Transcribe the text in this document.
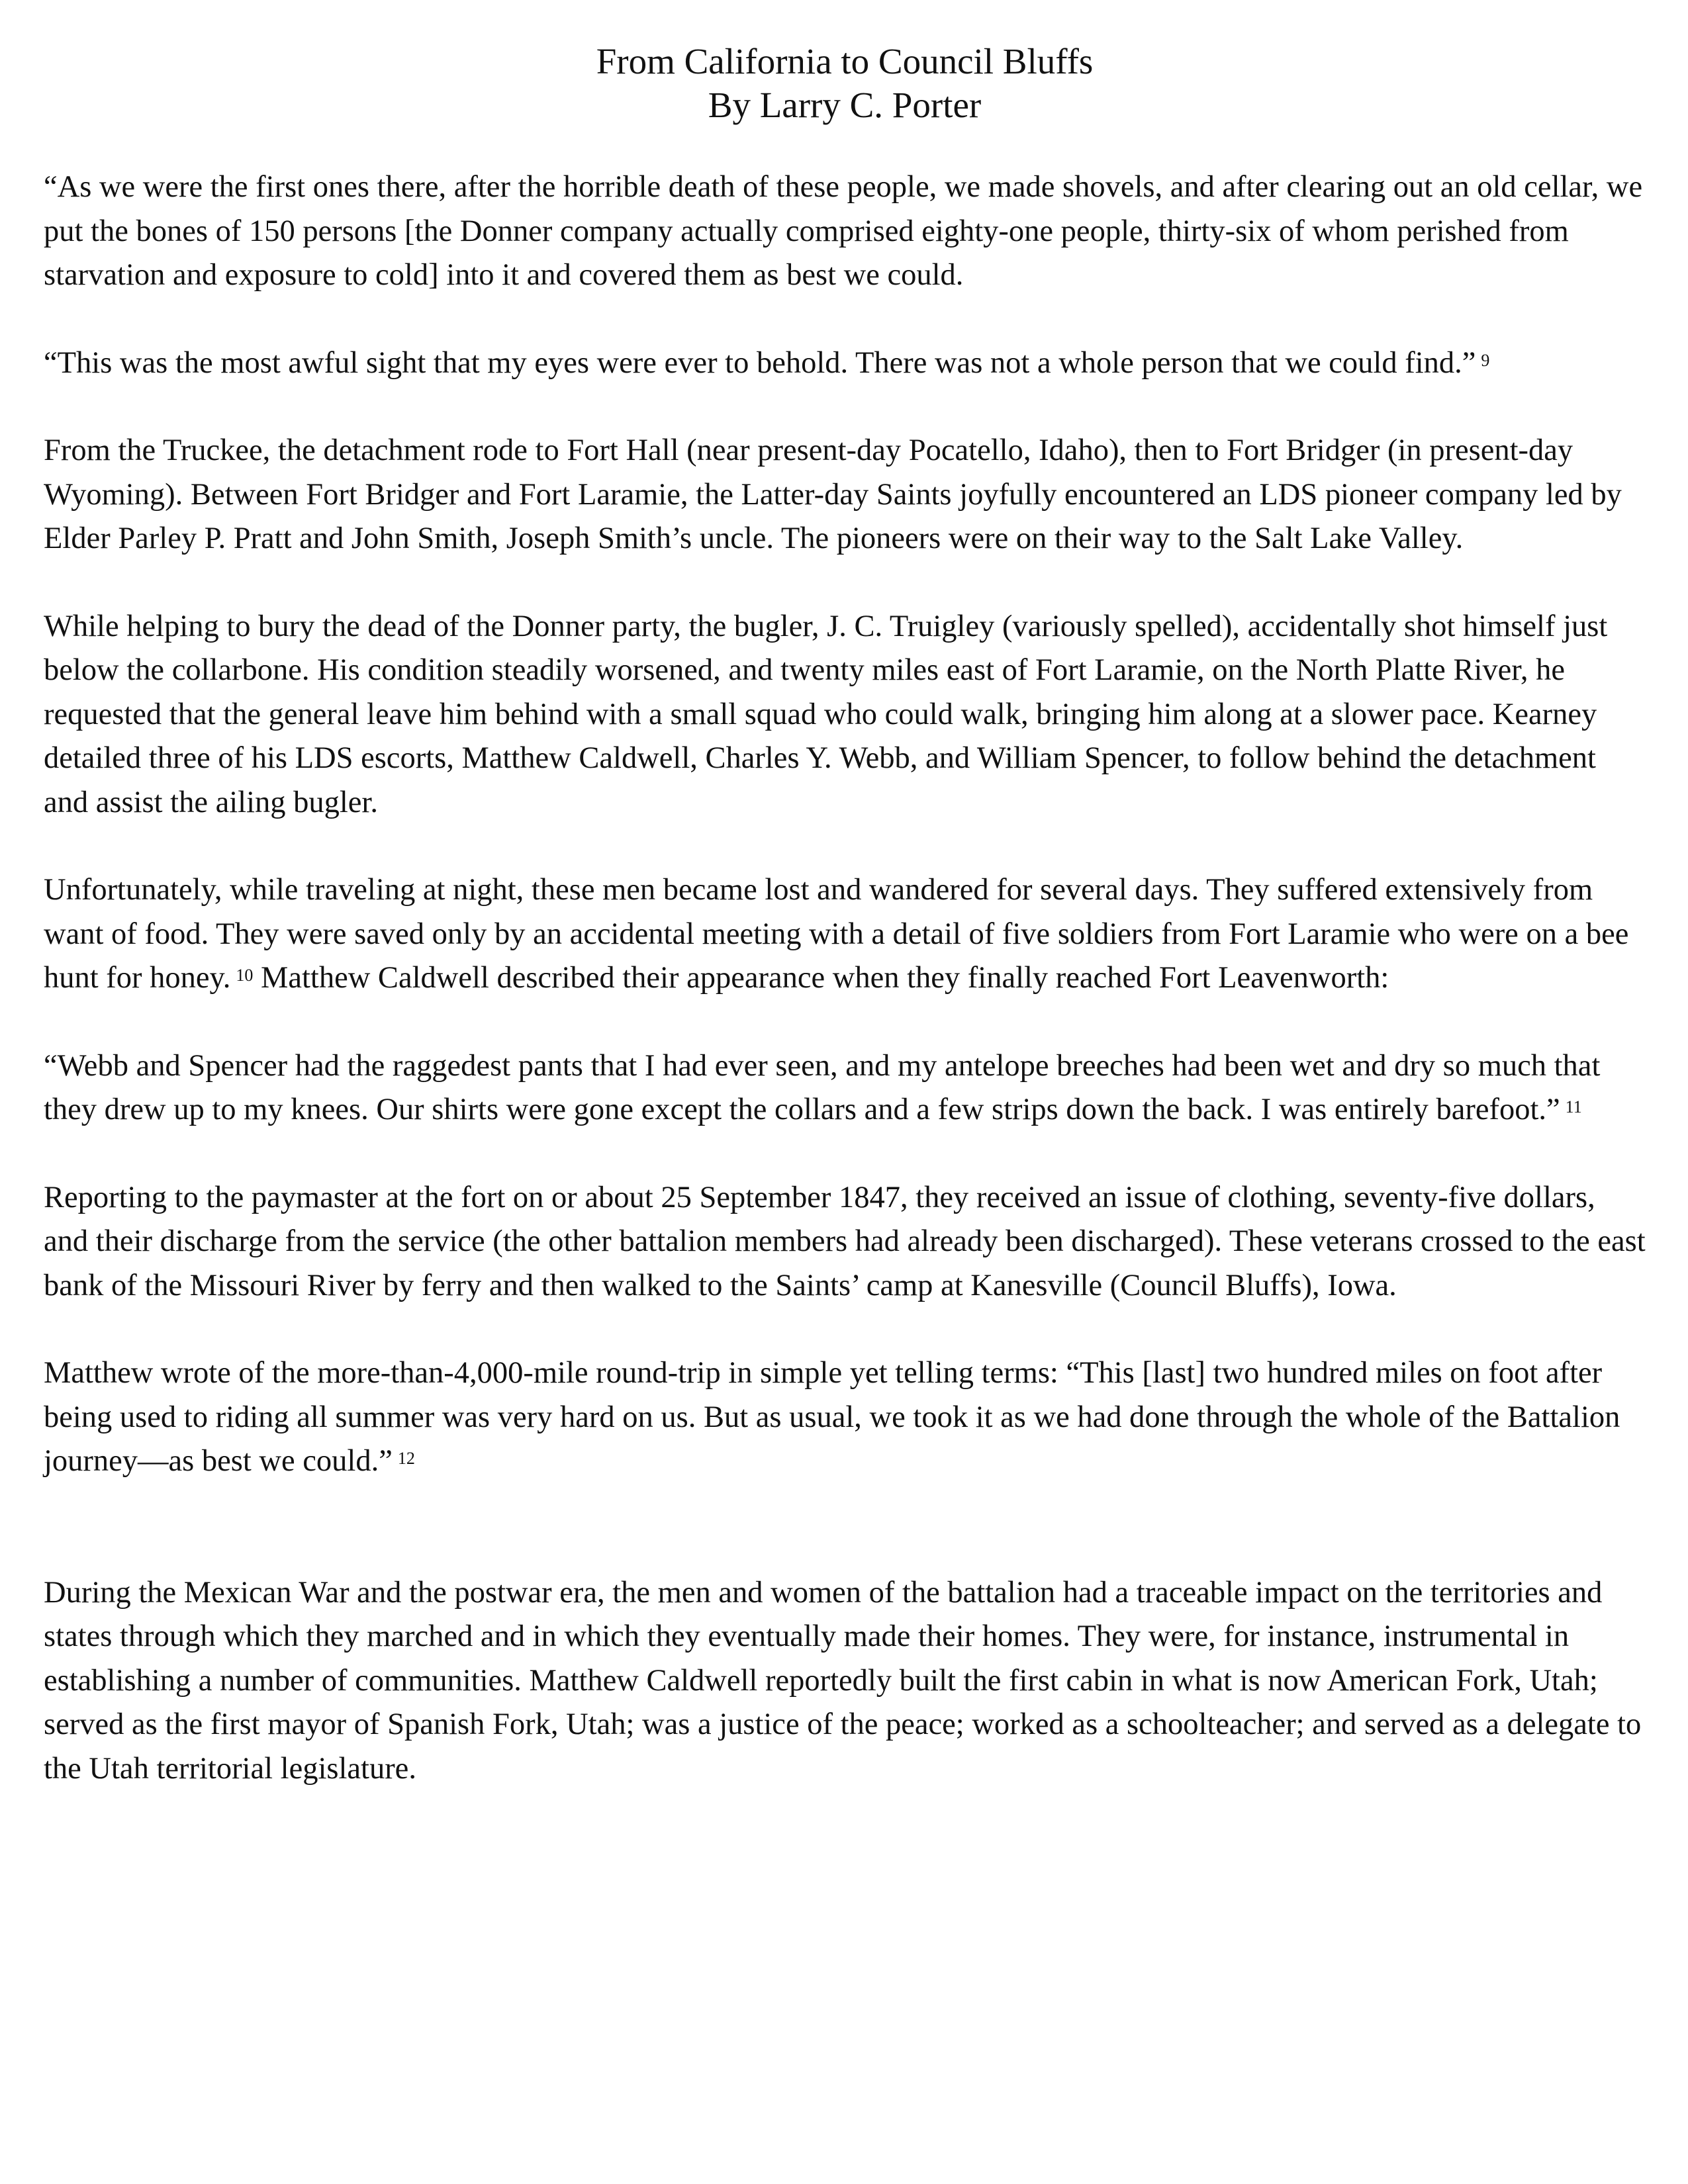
From California to Council Bluffs
By Larry C. Porter

“As we were the first ones there, after the horrible death of these people, we made shovels, and after clearing out an old cellar, we put the bones of 150 persons [the Donner company actually comprised eighty-one people, thirty-six of whom perished from starvation and exposure to cold] into it and covered them as best we could.

“This was the most awful sight that my eyes were ever to behold. There was not a whole person that we could find.” $^9$

From the Truckee, the detachment rode to Fort Hall (near present-day Pocatello, Idaho), then to Fort Bridger (in present-day Wyoming). Between Fort Bridger and Fort Laramie, the Latter-day Saints joyfully encountered an LDS pioneer company led by Elder Parley P. Pratt and John Smith, Joseph Smith’s uncle. The pioneers were on their way to the Salt Lake Valley.

While helping to bury the dead of the Donner party, the bugler, J. C. Truigley (variously spelled), accidentally shot himself just below the collarbone. His condition steadily worsened, and twenty miles east of Fort Laramie, on the North Platte River, he requested that the general leave him behind with a small squad who could walk, bringing him along at a slower pace. Kearney detailed three of his LDS escorts, Matthew Caldwell, Charles Y. Webb, and William Spencer, to follow behind the detachment and assist the ailing bugler.

Unfortunately, while traveling at night, these men became lost and wandered for several days. They suffered extensively from want of food. They were saved only by an accidental meeting with a detail of five soldiers from Fort Laramie who were on a bee hunt for honey. $^{10}$ Matthew Caldwell described their appearance when they finally reached Fort Leavenworth:

“Webb and Spencer had the raggedest pants that I had ever seen, and my antelope breeches had been wet and dry so much that they drew up to my knees. Our shirts were gone except the collars and a few strips down the back. I was entirely barefoot.” $^{11}$

Reporting to the paymaster at the fort on or about 25 September 1847, they received an issue of clothing, seventy-five dollars, and their discharge from the service (the other battalion members had already been discharged). These veterans crossed to the east bank of the Missouri River by ferry and then walked to the Saints’ camp at Kanesville (Council Bluffs), Iowa.

Matthew wrote of the more-than-4,000-mile round-trip in simple yet telling terms: “This [last] two hundred miles on foot after being used to riding all summer was very hard on us. But as usual, we took it as we had done through the whole of the Battalion journey—as best we could.” $^{12}$

During the Mexican War and the postwar era, the men and women of the battalion had a traceable impact on the territories and states through which they marched and in which they eventually made their homes. They were, for instance, instrumental in establishing a number of communities. Matthew Caldwell reportedly built the first cabin in what is now American Fork, Utah; served as the first mayor of Spanish Fork, Utah; was a justice of the peace; worked as a schoolteacher; and served as a delegate to the Utah territorial legislature.
